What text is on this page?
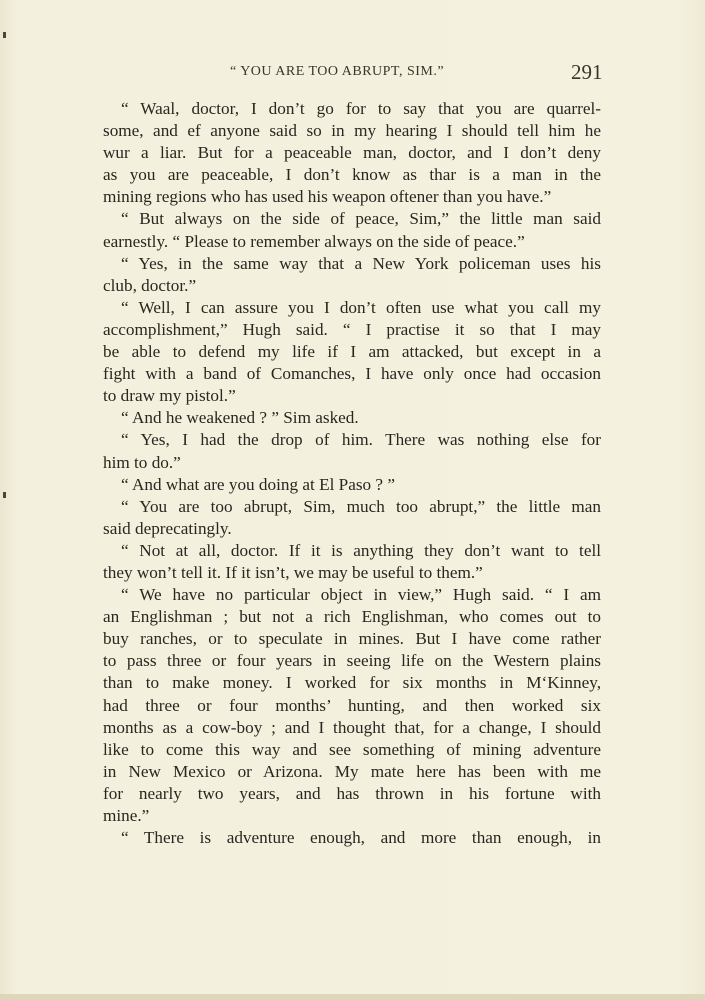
“ YOU ARE TOO ABRUPT, SIM.”	291
“ Waal, doctor, I don’t go for to say that you are quarrel-
some, and ef anyone said so in my hearing I should tell him he
wur a liar. But for a peaceable man, doctor, and I don’t deny
as you are peaceable, I don’t know as thar is a man in the
mining regions who has used his weapon oftener than you have.”
“ But always on the side of peace, Sim,” the little man said
earnestly. “ Please to remember always on the side of peace.”
“ Yes, in the same way that a New York policeman uses his
club, doctor.”
“ Well, I can assure you I don’t often use what you call my
accomplishment,” Hugh said. “ I practise it so that I may
be able to defend my life if I am attacked, but except in a
fight with a band of Comanches, I have only once had occasion
to draw my pistol.”
“ And he weakened ? ” Sim asked.
“ Yes, I had the drop of him. There was nothing else for
him to do.”
“ And what are you doing at El Paso ? ”
“ You are too abrupt, Sim, much too abrupt,” the little man
said deprecatingly.
“ Not at all, doctor. If it is anything they don’t want to tell
they won’t tell it. If it isn’t, we may be useful to them.”
“ We have no particular object in view,” Hugh said. “ I am
an Englishman ; but not a rich Englishman, who comes out to
buy ranches, or to speculate in mines. But I have come rather
to pass three or four years in seeing life on the Western plains
than to make money. I worked for six months in M‘Kinney,
had three or four months’ hunting, and then worked six
months as a cow-boy ; and I thought that, for a change, I should
like to come this way and see something of mining adventure
in New Mexico or Arizona. My mate here has been with me
for nearly two years, and has thrown in his fortune with
mine.”
“ There is adventure enough, and more than enough, in
